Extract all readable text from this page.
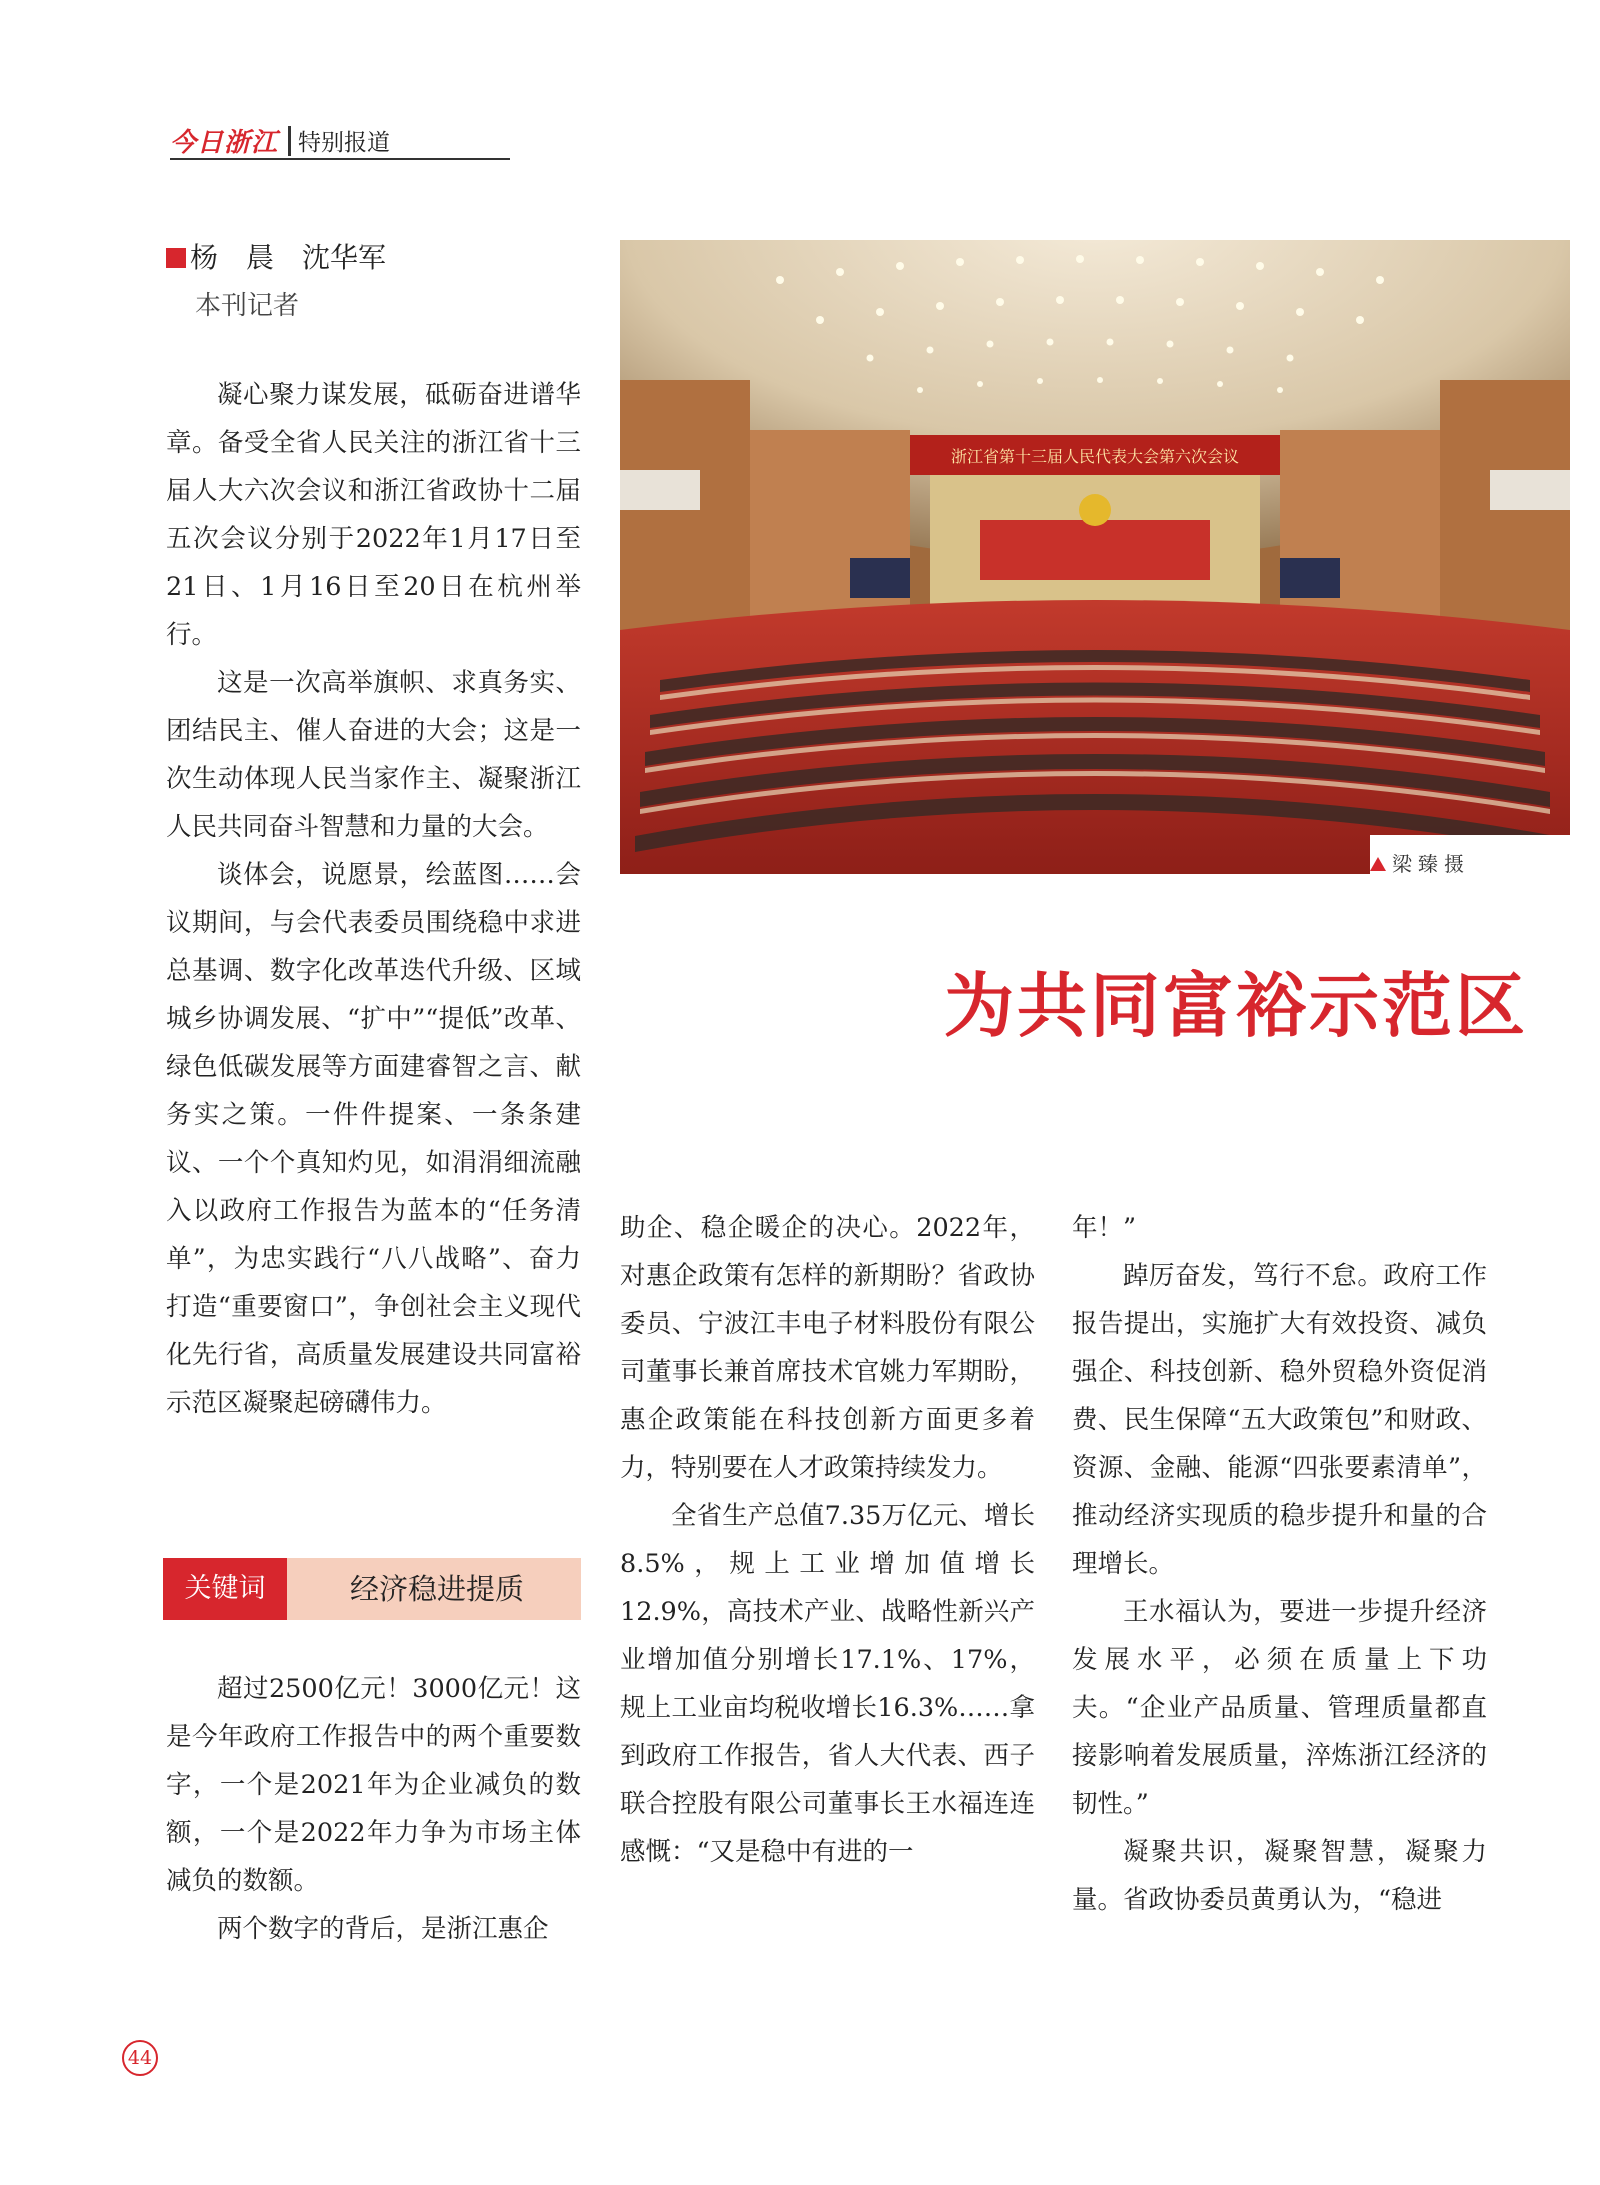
今日浙江 特别报道
杨　晨　沈华军
本刊记者

凝心聚力谋发展，砥砺奋进谱华章。备受全省人民关注的浙江省十三届人大六次会议和浙江省政协十二届五次会议分别于2022年1月17日至21日、1月16日至20日在杭州举行。

这是一次高举旗帜、求真务实、团结民主、催人奋进的大会；这是一次生动体现人民当家作主、凝聚浙江人民共同奋斗智慧和力量的大会。

谈体会，说愿景，绘蓝图……会议期间，与会代表委员围绕稳中求进总基调、数字化改革迭代升级、区域城乡协调发展、“扩中”“提低”改革、绿色低碳发展等方面建睿智之言、献务实之策。一件件提案、一条条建议、一个个真知灼见，如涓涓细流融入以政府工作报告为蓝本的“任务清单”，为忠实践行“八八战略”、奋力打造“重要窗口”，争创社会主义现代化先行省，高质量发展建设共同富裕示范区凝聚起磅礴伟力。

关键词	经济稳进提质

超过2500亿元！3000亿元！这是今年政府工作报告中的两个重要数字，一个是2021年为企业减负的数额，一个是2022年力争为市场主体减负的数额。

两个数字的背后，是浙江惠企

浙江省第十三届人民代表大会第六次会议
梁臻摄
为共同富裕示范区

助企、稳企暖企的决心。2022年，对惠企政策有怎样的新期盼？省政协委员、宁波江丰电子材料股份有限公司董事长兼首席技术官姚力军期盼，惠企政策能在科技创新方面更多着力，特别要在人才政策持续发力。

全省生产总值7.35万亿元、增长8.5%，规上工业增加值增长12.9%，高技术产业、战略性新兴产业增加值分别增长17.1%、17%，规上工业亩均税收增长16.3%……拿到政府工作报告，省人大代表、西子联合控股有限公司董事长王水福连连感慨：“又是稳中有进的一

年！”

踔厉奋发，笃行不怠。政府工作报告提出，实施扩大有效投资、减负强企、科技创新、稳外贸稳外资促消费、民生保障“五大政策包”和财政、资源、金融、能源“四张要素清单”，推动经济实现质的稳步提升和量的合理增长。

王水福认为，要进一步提升经济发展水平，必须在质量上下功夫。“企业产品质量、管理质量都直接影响着发展质量，淬炼浙江经济的韧性。”

凝聚共识，凝聚智慧，凝聚力量。省政协委员黄勇认为，“稳进

44
